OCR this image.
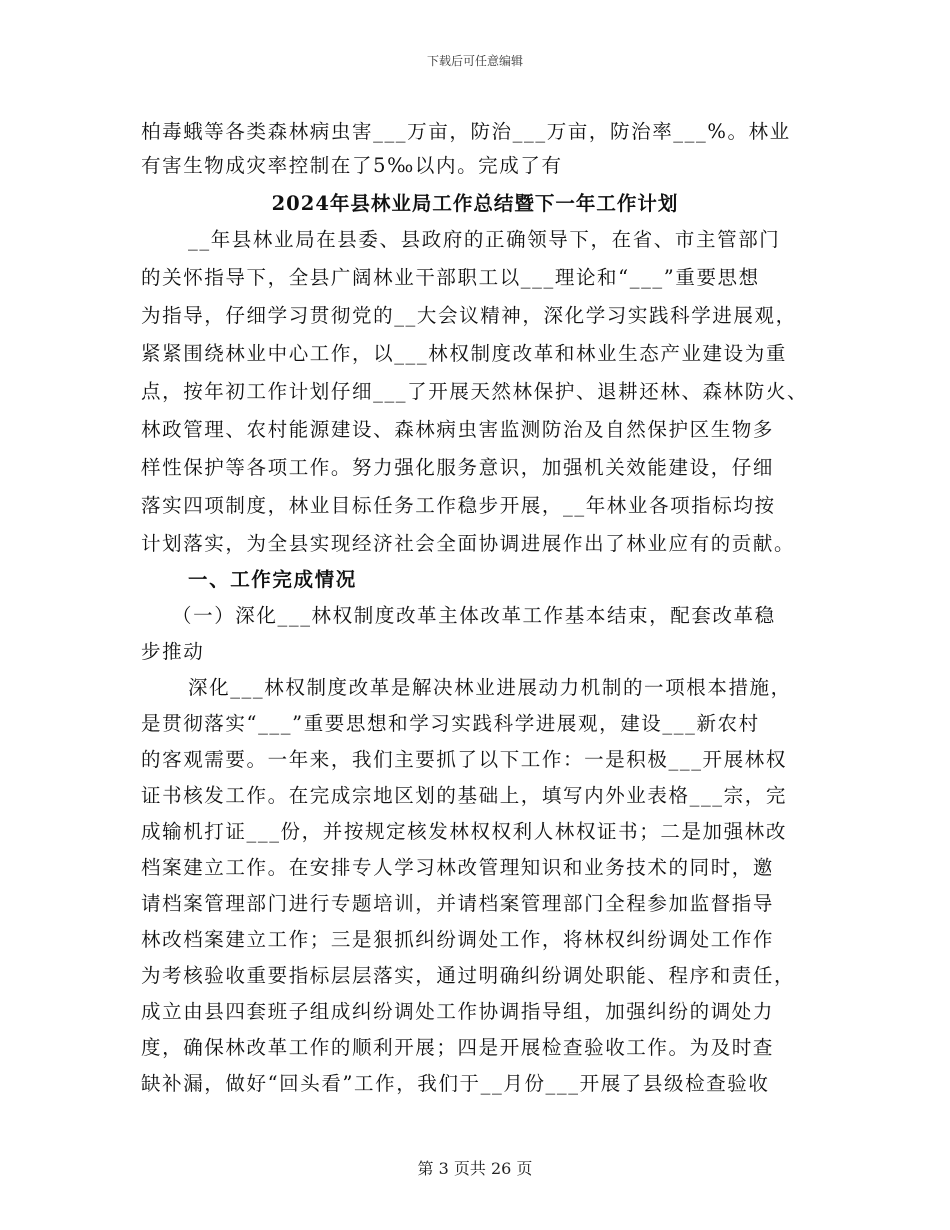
下载后可任意编辑
柏毒蛾等各类森林病虫害___万亩，防治___万亩，防治率___%。林业
有害生物成灾率控制在了5‰以内。完成了有
2024年县林业局工作总结暨下一年工作计划
__年县林业局在县委、县政府的正确领导下，在省、市主管部门
的关怀指导下，全县广阔林业干部职工以___理论和“___”重要思想
为指导，仔细学习贯彻党的__大会议精神，深化学习实践科学进展观，
紧紧围绕林业中心工作，以___林权制度改革和林业生态产业建设为重
点，按年初工作计划仔细___了开展天然林保护、退耕还林、森林防火、
林政管理、农村能源建设、森林病虫害监测防治及自然保护区生物多
样性保护等各项工作。努力强化服务意识，加强机关效能建设，仔细
落实四项制度，林业目标任务工作稳步开展，__年林业各项指标均按
计划落实，为全县实现经济社会全面协调进展作出了林业应有的贡献。
一、工作完成情况
（一）深化___林权制度改革主体改革工作基本结束，配套改革稳
步推动
深化___林权制度改革是解决林业进展动力机制的一项根本措施，
是贯彻落实“___”重要思想和学习实践科学进展观，建设___新农村
的客观需要。一年来，我们主要抓了以下工作：一是积极___开展林权
证书核发工作。在完成宗地区划的基础上，填写内外业表格___宗，完
成输机打证___份，并按规定核发林权权利人林权证书；二是加强林改
档案建立工作。在安排专人学习林改管理知识和业务技术的同时，邀
请档案管理部门进行专题培训，并请档案管理部门全程参加监督指导
林改档案建立工作；三是狠抓纠纷调处工作，将林权纠纷调处工作作
为考核验收重要指标层层落实，通过明确纠纷调处职能、程序和责任，
成立由县四套班子组成纠纷调处工作协调指导组，加强纠纷的调处力
度，确保林改革工作的顺利开展；四是开展检查验收工作。为及时查
缺补漏，做好“回头看”工作，我们于__月份___开展了县级检查验收
第 3 页共 26 页
